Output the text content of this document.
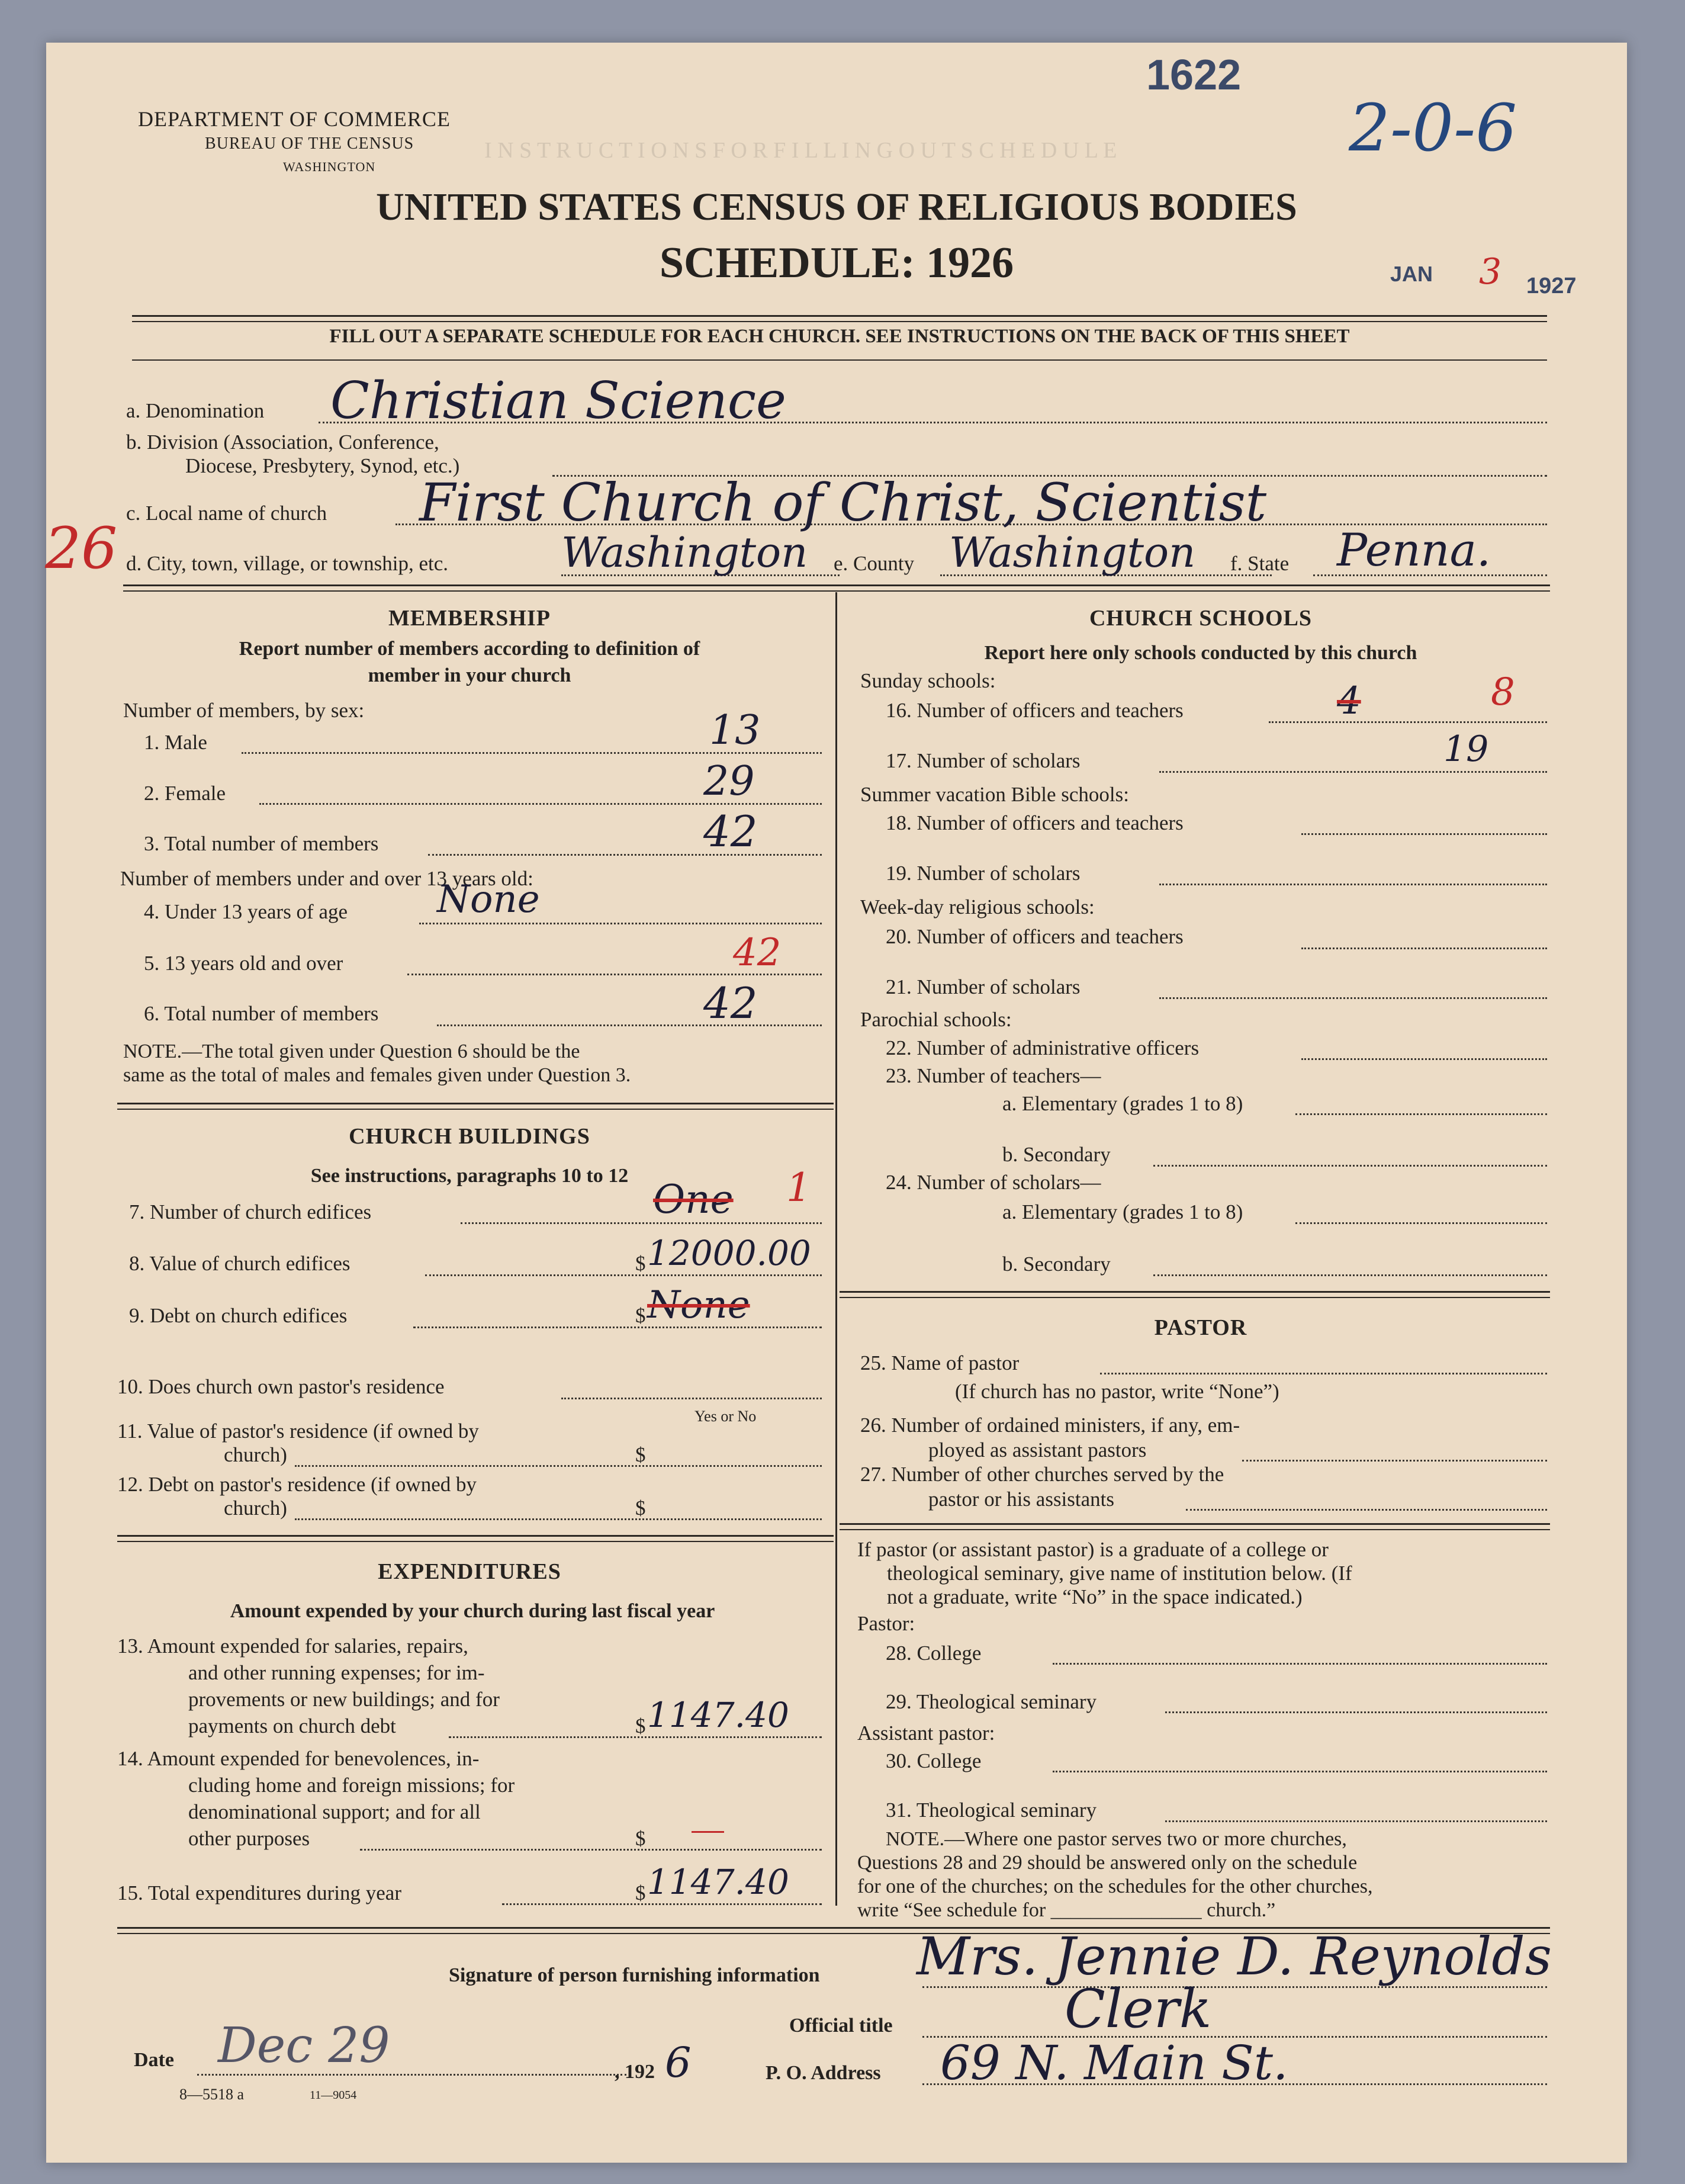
I N S T R U C T I O N S F O R F I L L I N G O U T S C H E D U L E
DEPARTMENT OF COMMERCE
BUREAU OF THE CENSUS
WASHINGTON
UNITED STATES CENSUS OF RELIGIOUS BODIES
SCHEDULE: 1926
1622
2-0-6
JAN 3 1927
26
FILL OUT A SEPARATE SCHEDULE FOR EACH CHURCH. SEE INSTRUCTIONS ON THE BACK OF THIS SHEET
a. Denomination Christian Science
b. Division (Association, Conference,
Diocese, Presbytery, Synod, etc.)
c. Local name of church First Church of Christ, Scientist
d. City, town, village, or township, etc.	Washington e. County Washington f. State Penna.
MEMBERSHIP
Report number of members according to definition of
member in your church
Number of members, by sex:
1. Male	13
2. Female	29
3. Total number of members	42
Number of members under and over 13 years old:
4. Under 13 years of age None
5. 13 years old and over	42
6. Total number of members	42
NOTE.—The total given under Question 6 should be the
same as the total of males and females given under Question 3.
CHURCH BUILDINGS
See instructions, paragraphs 10 to 12
7. Number of church edifices	One 1
8. Value of church edifices	$ 12000.00
9. Debt on church edifices	$ None
10. Does church own pastor's residence
Yes or No
11. Value of pastor's residence (if owned by
church)	$
12. Debt on pastor's residence (if owned by
church)	$
EXPENDITURES
Amount expended by your church during last fiscal year
13. Amount expended for salaries, repairs,
and other running expenses; for im-
provements or new buildings; and for
payments on church debt	$ 1147.40
14. Amount expended for benevolences, in-
cluding home and foreign missions; for
denominational support; and for all
other purposes	$
15. Total expenditures during year	$ 1147.40
CHURCH SCHOOLS
Report here only schools conducted by this church
Sunday schools:
16. Number of officers and teachers	4	8
17. Number of scholars	19
Summer vacation Bible schools:
18. Number of officers and teachers
19. Number of scholars
Week-day religious schools:
20. Number of officers and teachers
21. Number of scholars
Parochial schools:
22. Number of administrative officers
23. Number of teachers—
a. Elementary (grades 1 to 8)
b. Secondary
24. Number of scholars—
a. Elementary (grades 1 to 8)
b. Secondary
PASTOR
25. Name of pastor
(If church has no pastor, write “None”)
26. Number of ordained ministers, if any, em-
ployed as assistant pastors
27. Number of other churches served by the
pastor or his assistants
If pastor (or assistant pastor) is a graduate of a college or
theological seminary, give name of institution below. (If
not a graduate, write “No” in the space indicated.)
Pastor:
28. College
29. Theological seminary
Assistant pastor:
30. College
31. Theological seminary
NOTE.—Where one pastor serves two or more churches,
Questions 28 and 29 should be answered only on the schedule
for one of the churches; on the schedules for the other churches,
write “See schedule for _______________ church.”
Signature of person furnishing information Mrs. Jennie D. Reynolds
Official title	Clerk
Date Dec 29	, 192 6	P. O. Address 69 N. Main St.
8—5518 a	11—9054
